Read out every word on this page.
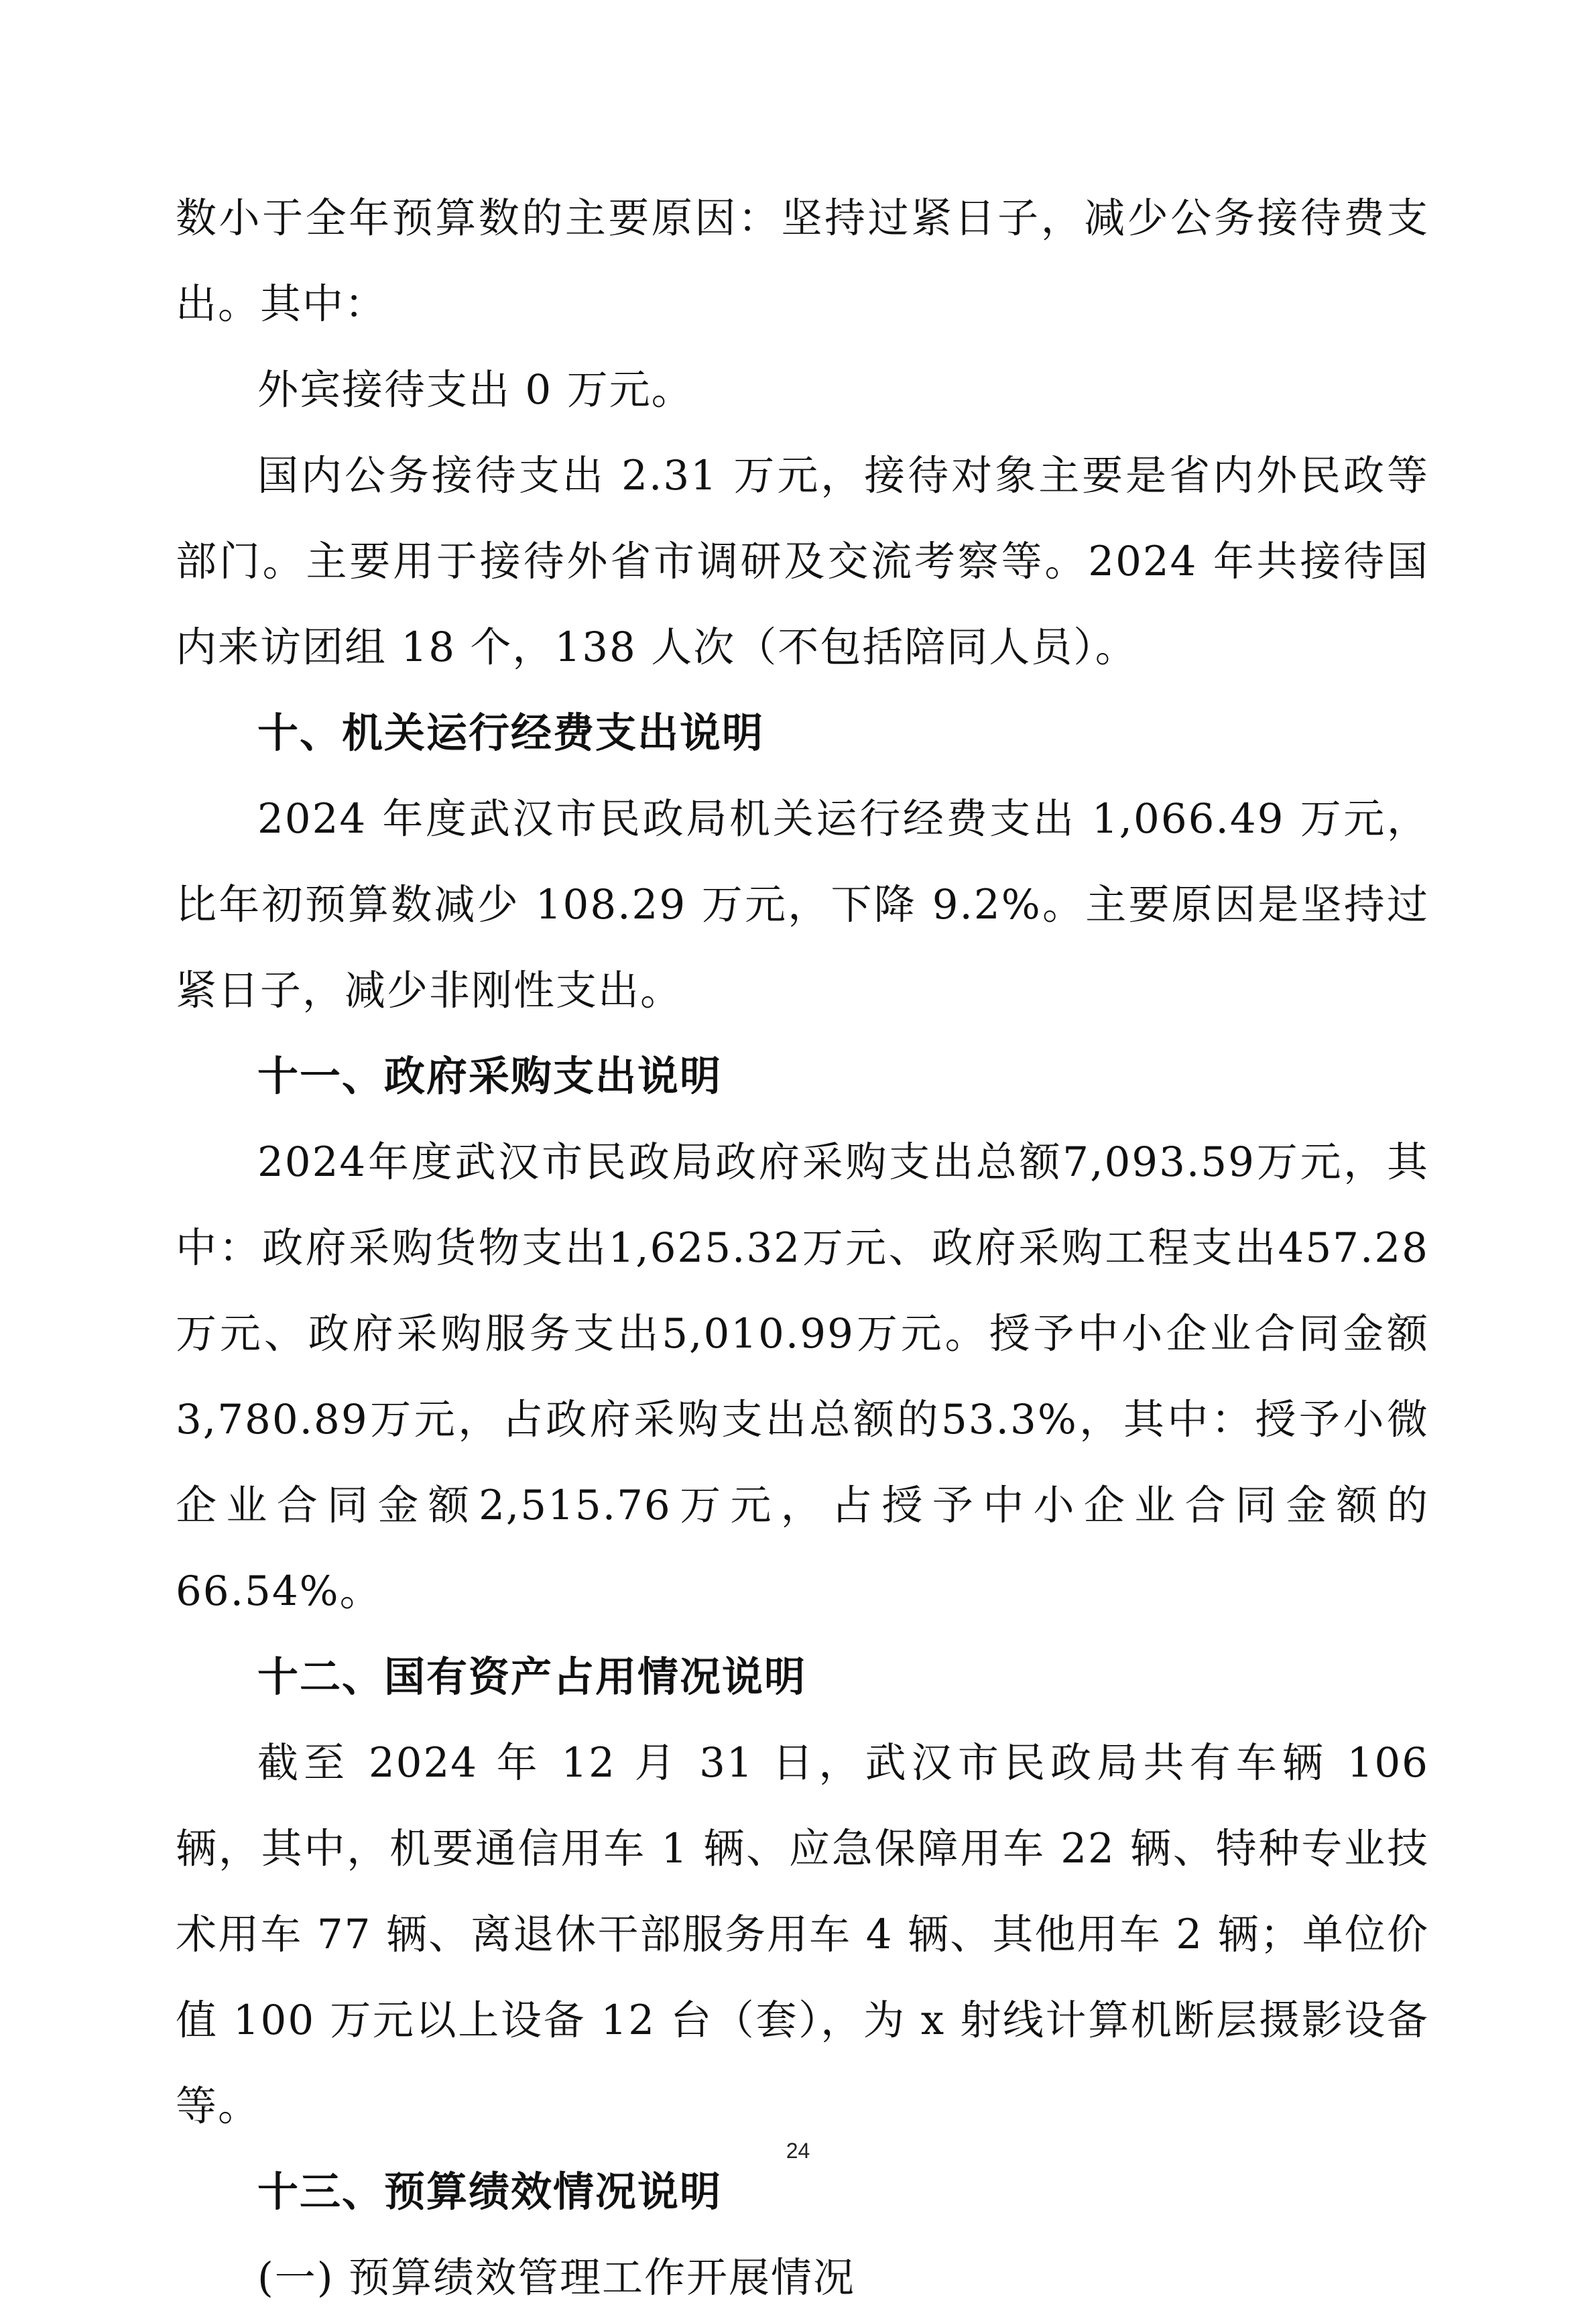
数小于全年预算数的主要原因：坚持过紧日子，减少公务接待费支出。其中：

外宾接待支出 0 万元。

国内公务接待支出 2.31 万元，接待对象主要是省内外民政等部门。主要用于接待外省市调研及交流考察等。2024 年共接待国内来访团组 18 个，138 人次（不包括陪同人员）。

十、机关运行经费支出说明

2024 年度武汉市民政局机关运行经费支出 1,066.49 万元，比年初预算数减少 108.29 万元，下降 9.2%。主要原因是坚持过紧日子，减少非刚性支出。

十一、政府采购支出说明

2024年度武汉市民政局政府采购支出总额7,093.59万元，其中：政府采购货物支出1,625.32万元、政府采购工程支出457.28万元、政府采购服务支出5,010.99万元。授予中小企业合同金额3,780.89万元，占政府采购支出总额的53.3%，其中：授予小微企业合同金额2,515.76万元，占授予中小企业合同金额的66.54%。

十二、国有资产占用情况说明

截至 2024 年 12 月 31 日，武汉市民政局共有车辆 106 辆，其中，机要通信用车 1 辆、应急保障用车 22 辆、特种专业技术用车 77 辆、离退休干部服务用车 4 辆、其他用车 2 辆；单位价值 100 万元以上设备 12 台（套），为 x 射线计算机断层摄影设备等。

十三、预算绩效情况说明

(一) 预算绩效管理工作开展情况

24
